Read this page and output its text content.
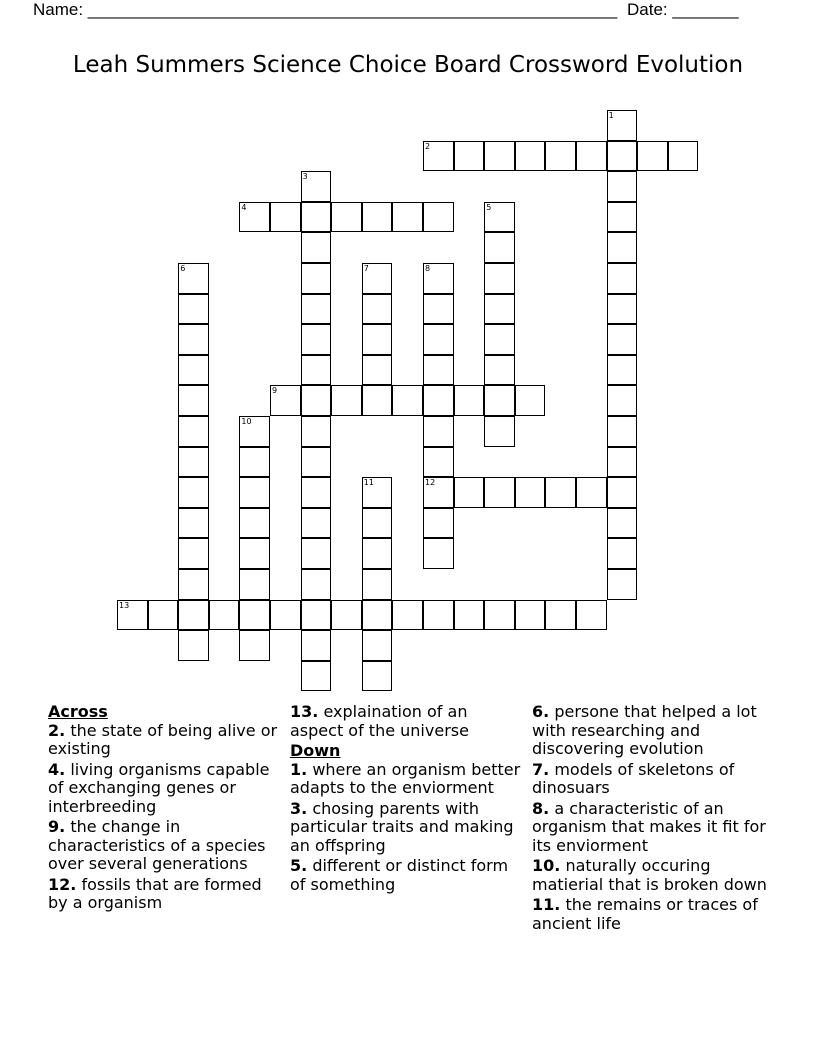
Name: ________________________________________________________ Date: _______
Leah Summers Science Choice Board Crossword Evolution
1
2
3
4	5
6	7	8
12
9
10
11
13
Across
2. the state of being alive or existing
4. living organisms capable of exchanging genes or interbreeding
9. the change in characteristics of a species over several generations
12. fossils that are formed by a organism
13. explaination of an aspect of the universe
Down
1. where an organism better adapts to the enviorment
3. chosing parents with particular traits and making an offspring
5. different or distinct form of something
6. persone that helped a lot with researching and discovering evolution
7. models of skeletons of dinosuars
8. a characteristic of an organism that makes it fit for its enviorment
10. naturally occuring matierial that is broken down
11. the remains or traces of ancient life
